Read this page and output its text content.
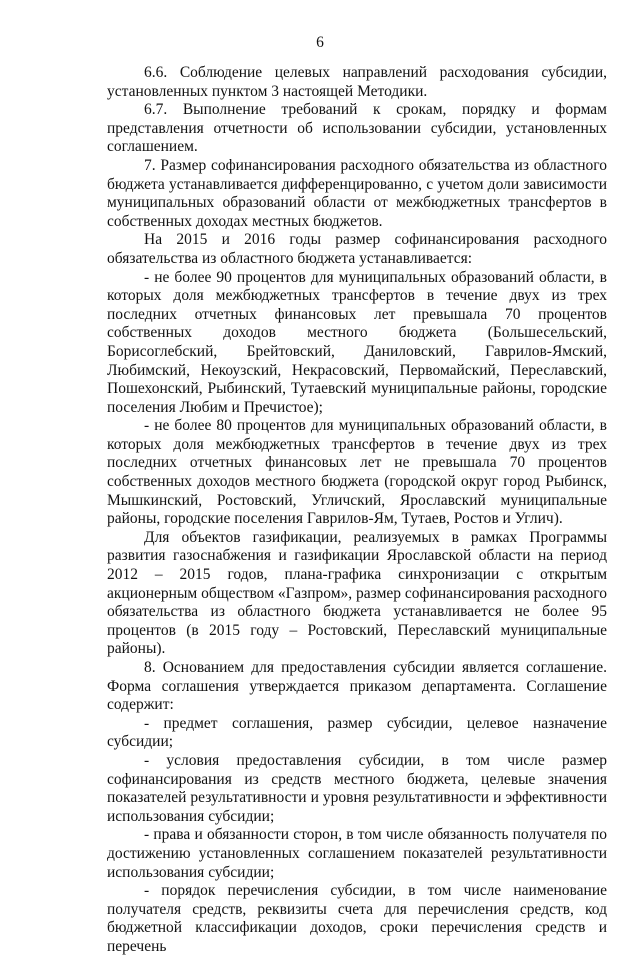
6

6.6. Соблюдение целевых направлений расходования субсидии, установленных пунктом 3 настоящей Методики.

6.7. Выполнение требований к срокам, порядку и формам представления отчетности об использовании субсидии, установленных соглашением.

7. Размер софинансирования расходного обязательства из областного бюджета устанавливается дифференцированно, с учетом доли зависимости муниципальных образований области от межбюджетных трансфертов в собственных доходах местных бюджетов.

На 2015 и 2016 годы размер софинансирования расходного обязательства из областного бюджета устанавливается:

- не более 90 процентов для муниципальных образований области, в которых доля межбюджетных трансфертов в течение двух из трех последних отчетных финансовых лет превышала 70 процентов собственных доходов местного бюджета (Большесельский, Борисоглебский, Брейтовский, Даниловский, Гаврилов-Ямский, Любимский, Некоузский, Некрасовский, Первомайский, Переславский, Пошехонский, Рыбинский, Тутаевский муниципальные районы, городские поселения Любим и Пречистое);

- не более 80 процентов для муниципальных образований области, в которых доля межбюджетных трансфертов в течение двух из трех последних отчетных финансовых лет не превышала 70 процентов собственных доходов местного бюджета (городской округ город Рыбинск, Мышкинский, Ростовский, Угличский, Ярославский муниципальные районы, городские поселения Гаврилов-Ям, Тутаев, Ростов и Углич).

Для объектов газификации, реализуемых в рамках Программы развития газоснабжения и газификации Ярославской области на период 2012 – 2015 годов, плана-графика синхронизации с открытым акционерным обществом «Газпром», размер софинансирования расходного обязательства из областного бюджета устанавливается не более 95 процентов (в 2015 году – Ростовский, Переславский муниципальные районы).

8. Основанием для предоставления субсидии является соглашение. Форма соглашения утверждается приказом департамента. Соглашение содержит:

- предмет соглашения, размер субсидии, целевое назначение субсидии;

- условия предоставления субсидии, в том числе размер софинансирования из средств местного бюджета, целевые значения показателей результативности и уровня результативности и эффективности использования субсидии;

- права и обязанности сторон, в том числе обязанность получателя по достижению установленных соглашением показателей результативности использования субсидии;

- порядок перечисления субсидии, в том числе наименование получателя средств, реквизиты счета для перечисления средств, код бюджетной классификации доходов, сроки перечисления средств и перечень
